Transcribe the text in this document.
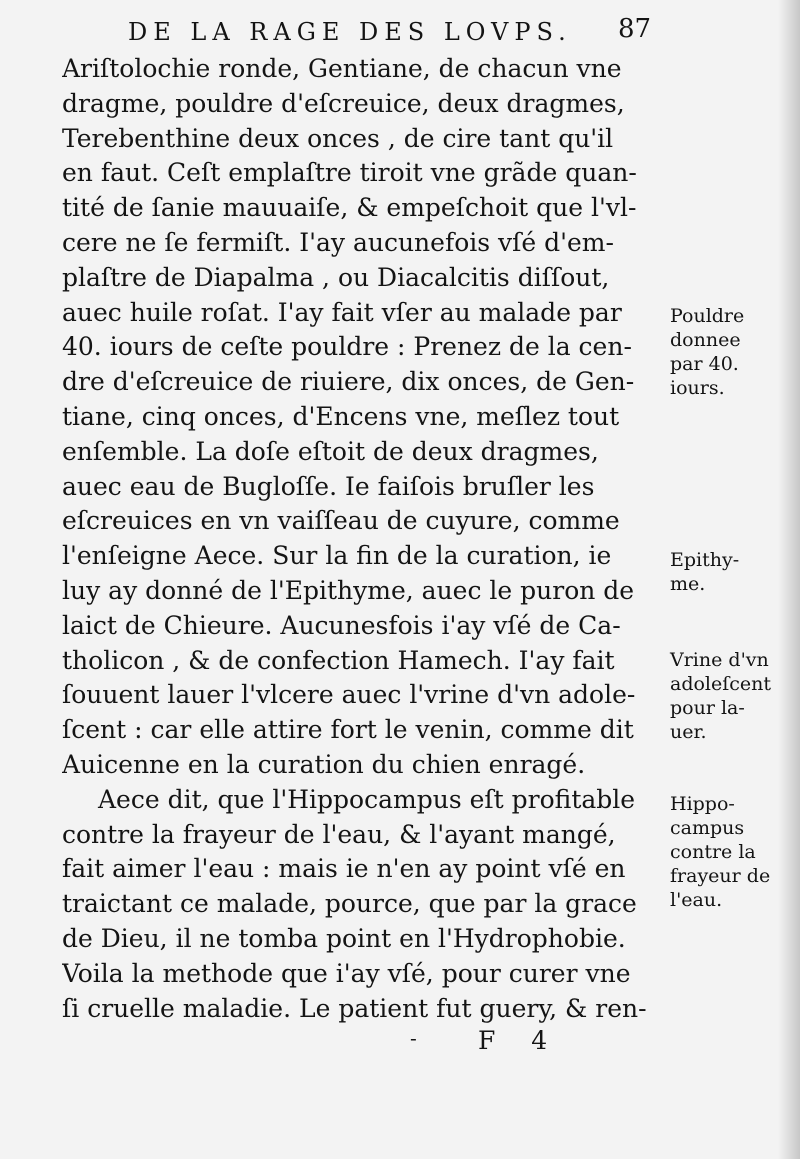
DE LA RAGE DES LOVPS. 87
Ariſtolochie ronde, Gentiane, de chacun vne
dragme, pouldre d'eſcreuice, deux dragmes,
Terebenthine deux onces , de cire tant qu'il
en faut. Ceſt emplaſtre tiroit vne grãde quan-
tité de ſanie mauuaiſe, & empeſchoit que l'vl-
cere ne ſe fermiſt. I'ay aucunefois vſé d'em-
plaſtre de Diapalma , ou Diacalcitis diſſout,
auec huile roſat. I'ay fait vſer au malade par
40. iours de ceſte pouldre : Prenez de la cen-
dre d'eſcreuice de riuiere, dix onces, de Gen-
tiane, cinq onces, d'Encens vne, meſlez tout
enſemble. La doſe eſtoit de deux dragmes,
auec eau de Bugloſſe. Ie faiſois bruſler les
eſcreuices en vn vaiſſeau de cuyure, comme
l'enſeigne Aece. Sur la fin de la curation, ie
luy ay donné de l'Epithyme, auec le puron de
laict de Chieure. Aucunesfois i'ay vſé de Ca-
tholicon , & de confection Hamech. I'ay fait
ſouuent lauer l'vlcere auec l'vrine d'vn adole-
ſcent : car elle attire fort le venin, comme dit
Auicenne en la curation du chien enragé.
Aece dit, que l'Hippocampus eſt profitable
contre la frayeur de l'eau, & l'ayant mangé,
fait aimer l'eau : mais ie n'en ay point vſé en
traictant ce malade, pource, que par la grace
de Dieu, il ne tomba point en l'Hydrophobie.
Voila la methode que i'ay vſé, pour curer vne
ſi cruelle maladie. Le patient fut guery, & ren-
Pouldre
donnee
par 40.
iours.
Epithy-
me.
Vrine d'vn
adoleſcent
pour la-
uer.
Hippo-
campus
contre la
frayeur de
l'eau.
- F 4
